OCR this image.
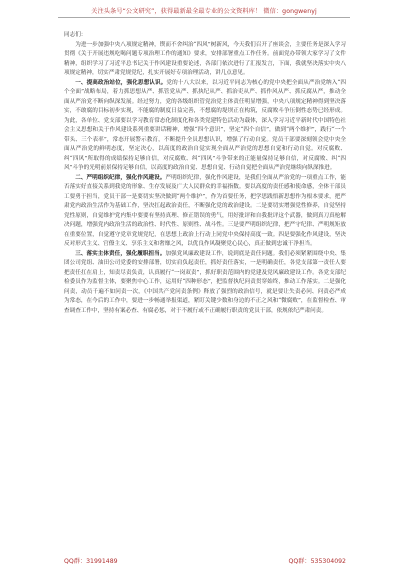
关注头条号“公文研究”，获得最新最全最专业的公文资料库！ 微信：gongwenyj

同志们：

为进一步加强中央八项规定精神，锲而不舍纠治“四风”树新风，今天我们召开了座谈会，主要任务是深入学习贯彻《关于开展违规吃喝问题专项治理工作的通知》要求，安排部署重点工作任务。前面党办带领大家学习了文件精神，组织学习了习近平总书记关于作风建设重要论述，各部门依次进行了汇报发言，下面，我就坚决落实中央八项规定精神，切实严肃党规党纪，扎实开展好专项治理活动，讲几点意见。

一、提高政治站位，强化思想认识。党的十八大以来，以习近平同志为核心的党中央把全面从严治党纳入“四个全面”战略布局，着力抓思想从严、抓管党从严、抓执纪从严、抓治吏从严、抓作风从严、抓反腐从严，推动全面从严治党不断向纵深发展。经过努力，党的各级组织管党治党主体责任明显增强，中央八项规定精神得到坚决落实，不敢腐的目标初步实现，不能腐的制度日益完善，不想腐的堤坝正在构筑，反腐败斗争压倒性态势已经形成。为此，各单位、党支部要以学习教育常态化制度化和各类党建特色活动为载体，深入学习习近平新时代中国特色社会主义思想和关于作风建设系列重要讲话精神，增强“四个意识”，坚定“四个自信”，做到“两个维护”，践行“一个带头、三个表率”，常态开展警示教育，不断提升全员思想认识，增强了行动自觉。党员干部要深刻领会党中央全面从严治党的鲜明态度，坚定决心，以高度的政治自觉实现全面从严治党的思想自觉和行动自觉。对反腐败、纠“四风”所取得的成绩保持足够自信，对反腐败、纠“四风”斗争带来的正能量保持足够自信，对反腐败、纠“四风”斗争的光明前景保持足够自信，以高度的政治自觉、思想自觉、行动自觉把全面从严治党继续向纵深推进。

二、严明组织纪律，强化作风建设。严明组织纪律，强化作风建设，是我们全面从严治党的一项重点工作，能否落实好直接关系到我党的形象、生存发展及广大人民群众的幸福指数。要以高度的责任感和使命感，全体干部员工要勇于担当，党员干部一是要切实坚决做到“两个维护”，作为首要任务，把学思践悟新思想作为根本要求，把严肃党内政治生活作为基础工作，坚决扛起政治责任，不断强化党的政治建设。二是要切实增强党性修养，自觉坚持党性原则，自觉维护党内集中要要有坚持真理、修正错误的勇气，用好批评和自我批评这个武器，做到真刀真枪解决问题，增强党内政治生活的政治性、时代性、原则性、战斗性。三是要严明组织纪律，把严守纪律、严明规矩放在重要位置，自觉遵守党章党规党纪，在思想上政治上行动上同党中央保持高度一致。四是要强化作风建设，坚决反对形式主义、官僚主义、享乐主义和奢靡之风，以优良作风凝聚党心民心，真正做到忠诚干净担当。

三、落实主体责任，强化履职担当。加强党风廉政建设工作，说到底是责任问题。我们必须紧紧围绕中央、集团公司党组、油田公司党委的安排部署，切实肩负起责任，抓好责任落实，一是明确责任，各党支部第一责任人要把责任扛在肩上，知责尽责负责，认真履行“一岗双责”，抓好职责范围内的党建及党风廉政建设工作。各党支部纪检委员作为监督主体，要聚焦中心工作，运用好“四种形态”，把监督执纪问责贯穿始终，推动工作落实。二是强化问责，动员千遍不如问责一次，《中国共产党问责条例》释放了强烈的政治信号，就是要让失责必问、问责必严成为常态，在今后的工作中，要进一步畅通举报渠道，紧盯关键少数和身边的不正之风和“微腐败”，在监督检查、审查调查工作中，坚持有案必查、有腐必惩，对于不履行或不正确履行职责的党员干部，依规依纪严肃问责。

QQ群：31991489	QQ群：535304092
